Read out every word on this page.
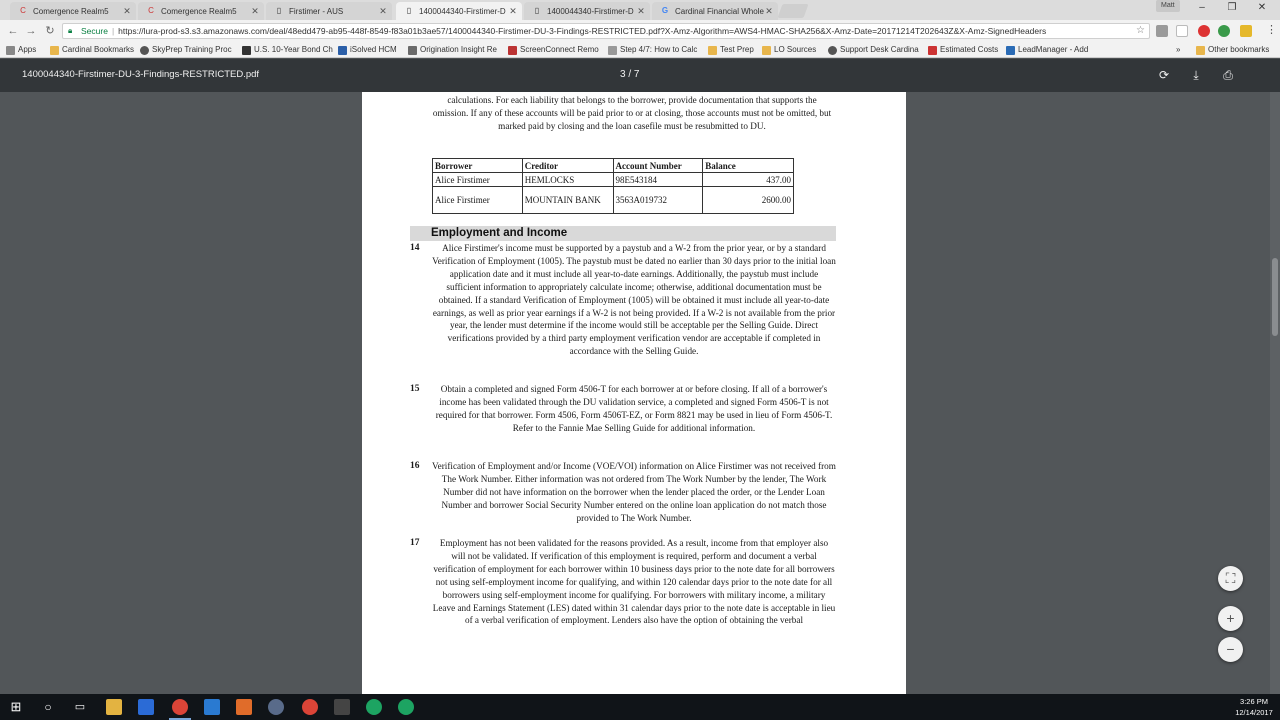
C Comergence Realm5	✕ C Comergence Realm5	✕	▯ Firstimer - AUS	✕	▯ 1400044340-Firstimer-D ✕	▯ 1400044340-Firstimer-D ✕ G Cardinal Financial Whole ✕	Matt	–	❐	✕
← → ↻ 🔒︎ Secure | https://lura-prod-s3.s3.amazonaws.com/deal/48edd479-ab95-448f-8549-f83a01b3ae57/1400044340-Firstimer-DU-3-Findings-RESTRICTED.pdf?X-Amz-Algorithm=AWS4-HMAC-SHA256&X-Amz-Date=20171214T202643Z&X-Amz-SignedHeaders	☆	⋮
Apps	Cardinal Bookmarks SkyPrep Training Proc	U.S. 10-Year Bond Ch iSolved HCM	Origination Insight Re	ScreenConnect Remo	Step 4/7: How to Calc	Test Prep	LO Sources	Support Desk Cardina	Estimated Costs LeadManager - Add	»	Other bookmarks
1400044340-Firstimer-DU-3-Findings-RESTRICTED.pdf	3 / 7	⟳	⤓	⎙
calculations. For each liability that belongs to the borrower, provide documentation that supports the omission. If any of these accounts will be paid prior to or at closing, those accounts must not be omitted, but marked paid by closing and the loan casefile must be resubmitted to DU.
Borrower	Creditor	Account Number	Balance
Alice Firstimer	HEMLOCKS	98E543184	437.00
Alice Firstimer	MOUNTAIN BANK	3563A019732	2600.00
Employment and Income
14	Alice Firstimer's income must be supported by a paystub and a W-2 from the prior year, or by a standard Verification of Employment (1005). The paystub must be dated no earlier than 30 days prior to the initial loan application date and it must include all year-to-date earnings. Additionally, the paystub must include sufficient information to appropriately calculate income; otherwise, additional documentation must be obtained. If a standard Verification of Employment (1005) will be obtained it must include all year-to-date earnings, as well as prior year earnings if a W-2 is not being provided. If a W-2 is not available from the prior year, the lender must determine if the income would still be acceptable per the Selling Guide. Direct verifications provided by a third party employment verification vendor are acceptable if completed in accordance with the Selling Guide.
15	Obtain a completed and signed Form 4506-T for each borrower at or before closing. If all of a borrower's income has been validated through the DU validation service, a completed and signed Form 4506-T is not required for that borrower. Form 4506, Form 4506T-EZ, or Form 8821 may be used in lieu of Form 4506-T. Refer to the Fannie Mae Selling Guide for additional information.
16 Verification of Employment and/or Income (VOE/VOI) information on Alice Firstimer was not received from The Work Number. Either information was not ordered from The Work Number by the lender, The Work Number did not have information on the borrower when the lender placed the order, or the Lender Loan Number and borrower Social Security Number entered on the online loan application do not match those provided to The Work Number.
17	Employment has not been validated for the reasons provided. As a result, income from that employer also will not be validated. If verification of this employment is required, perform and document a verbal verification of employment for each borrower within 10 business days prior to the note date for all borrowers not using self-employment income for qualifying, and within 120 calendar days prior to the note date for all borrowers using self-employment income for qualifying. For borrowers with military income, a military Leave and Earnings Statement (LES) dated within 31 calendar days prior to the note date is acceptable in lieu of a verbal verification of employment. Lenders also have the option of obtaining the verbal
⛶
+
−
⊞	○	▭	3:26 PM
12/14/2017
